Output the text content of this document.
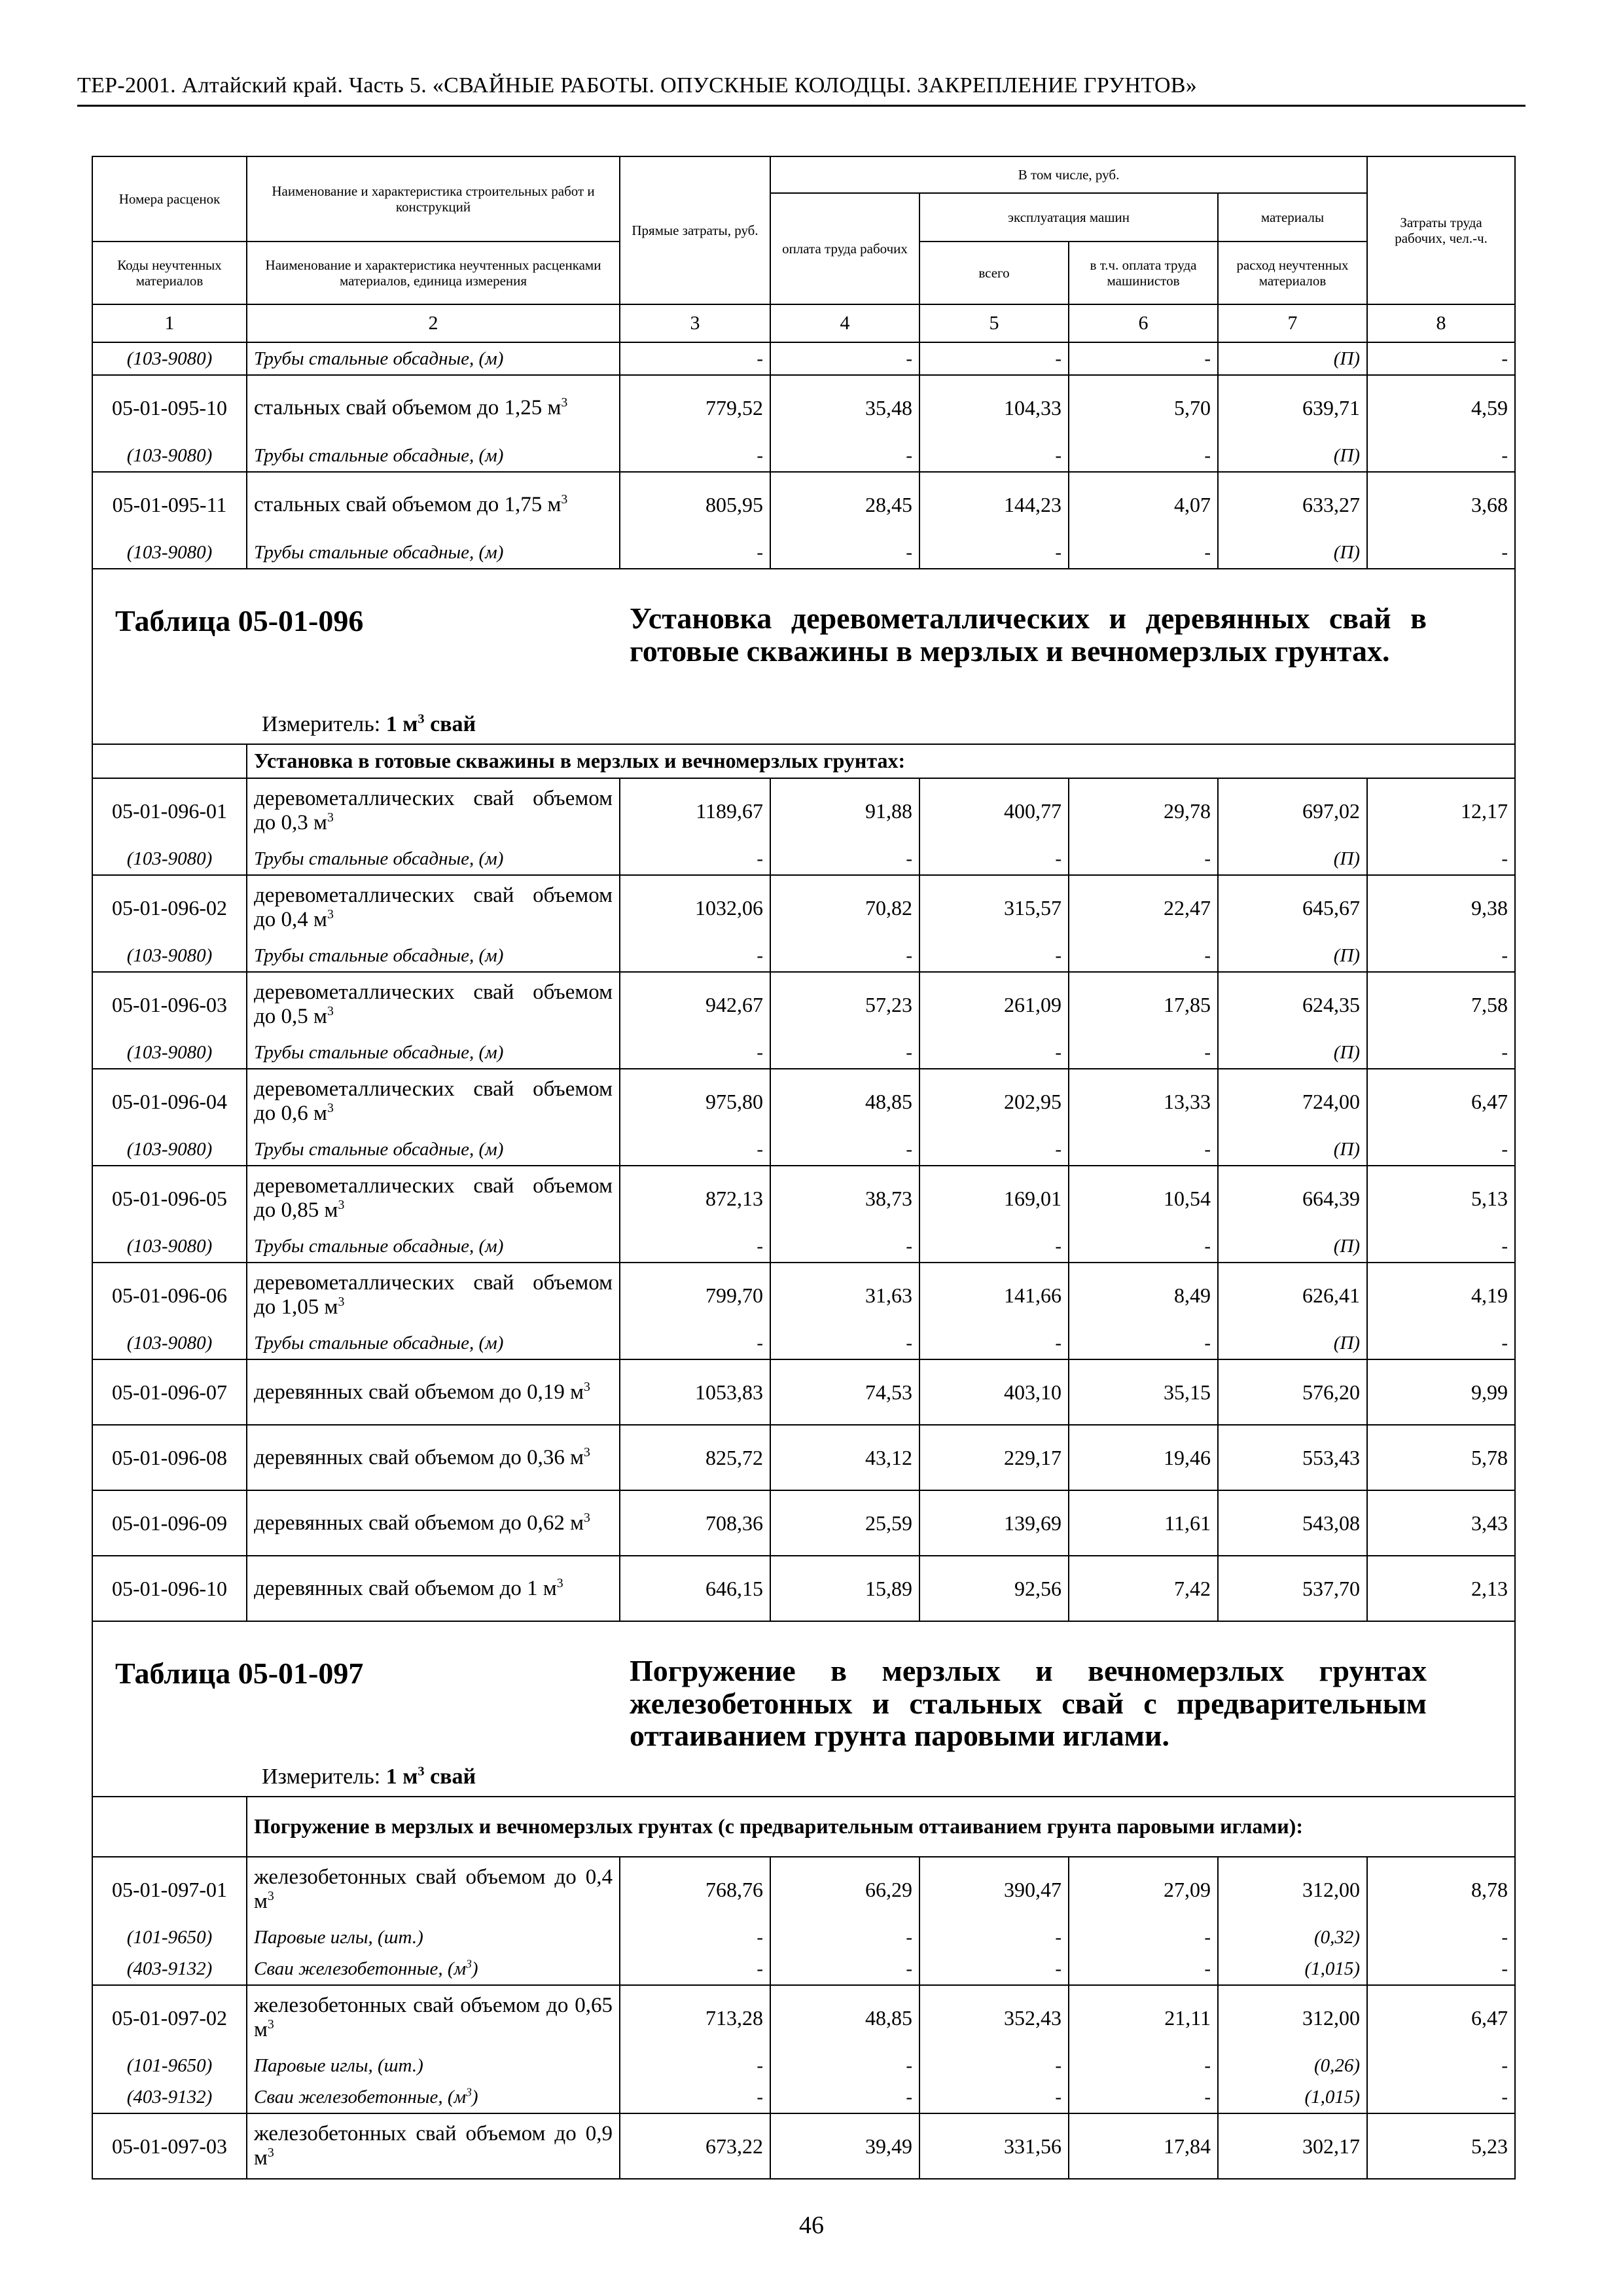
ТЕР-2001. Алтайский край. Часть 5. «СВАЙНЫЕ РАБОТЫ. ОПУСКНЫЕ КОЛОДЦЫ. ЗАКРЕПЛЕНИЕ ГРУНТОВ»
Номера расценок	Наименование и характеристика строительных работ и конструкций	Прямые затраты, руб.	В том числе, руб.				Затраты труда рабочих, чел.-ч.
			оплата труда рабочих	эксплуатация машин		материалы	
Коды неучтенных материалов	Наименование и характеристика неучтенных расценками материалов, единица измерения			всего	в т.ч. оплата труда машинистов	расход неучтенных материалов	

1	2	3	4	5	6	7	8
(103-9080)	Трубы стальные обсадные, (м)	-	-	-	-	(П)	-
05-01-095-10	стальных свай объемом до 1,25 $м^3$	779,52	35,48	104,33	5,70	639,71	4,59
(103-9080)	Трубы стальные обсадные, (м)	-	-	-	-	(П)	-
05-01-095-11	стальных свай объемом до 1,75 $м^3$	805,95	28,45	144,23	4,07	633,27	3,68
(103-9080)	Трубы стальные обсадные, (м)	-	-	-	-	(П)	-

Таблица 05-01-096 Установка деревометаллических и деревянных свай в готовые скважины в мерзлых и вечномерзлых грунтах.
Измеритель: 1 $м^3$ свай							

	Установка в готовые скважины в мерзлых и вечномерзлых грунтах:						
05-01-096-01	деревометаллических свай объемом до 0,3 $м^3$	1189,67	91,88	400,77	29,78	697,02	12,17
(103-9080)	Трубы стальные обсадные, (м)	-	-	-	-	(П)	-
05-01-096-02	деревометаллических свай объемом до 0,4 $м^3$	1032,06	70,82	315,57	22,47	645,67	9,38
(103-9080)	Трубы стальные обсадные, (м)	-	-	-	-	(П)	-
05-01-096-03	деревометаллических свай объемом до 0,5 $м^3$	942,67	57,23	261,09	17,85	624,35	7,58
(103-9080)	Трубы стальные обсадные, (м)	-	-	-	-	(П)	-
05-01-096-04	деревометаллических свай объемом до 0,6 $м^3$	975,80	48,85	202,95	13,33	724,00	6,47
(103-9080)	Трубы стальные обсадные, (м)	-	-	-	-	(П)	-
05-01-096-05	деревометаллических свай объемом до 0,85 $м^3$	872,13	38,73	169,01	10,54	664,39	5,13
(103-9080)	Трубы стальные обсадные, (м)	-	-	-	-	(П)	-
05-01-096-06	деревометаллических свай объемом до 1,05 $м^3$	799,70	31,63	141,66	8,49	626,41	4,19
(103-9080)	Трубы стальные обсадные, (м)	-	-	-	-	(П)	-
05-01-096-07	деревянных свай объемом до 0,19 $м^3$	1053,83	74,53	403,10	35,15	576,20	9,99
05-01-096-08	деревянных свай объемом до 0,36 $м^3$	825,72	43,12	229,17	19,46	553,43	5,78
05-01-096-09	деревянных свай объемом до 0,62 $м^3$	708,36	25,59	139,69	11,61	543,08	3,43
05-01-096-10	деревянных свай объемом до 1 $м^3$	646,15	15,89	92,56	7,42	537,70	2,13

Таблица 05-01-097 Погружение в мерзлых и вечномерзлых грунтах железобетонных и стальных свай с предварительным оттаиванием грунта паровыми иглами.
Измеритель: 1 $м^3$ свай							

	Погружение в мерзлых и вечномерзлых грунтах (с предварительным оттаиванием грунта паровыми иглами):						
05-01-097-01	железобетонных свай объемом до 0,4 $м^3$	768,76	66,29	390,47	27,09	312,00	8,78
(101-9650)	Паровые иглы, (шт.)	-	-	-	-	(0,32)	-
(403-9132)	Сваи железобетонные, $(м^3)$	-	-	-	-	(1,015)	-
05-01-097-02	железобетонных свай объемом до 0,65 $м^3$	713,28	48,85	352,43	21,11	312,00	6,47
(101-9650)	Паровые иглы, (шт.)	-	-	-	-	(0,26)	-
(403-9132)	Сваи железобетонные, $(м^3)$	-	-	-	-	(1,015)	-
05-01-097-03	железобетонных свай объемом до 0,9 $м^3$	673,22	39,49	331,56	17,84	302,17	5,23
46
